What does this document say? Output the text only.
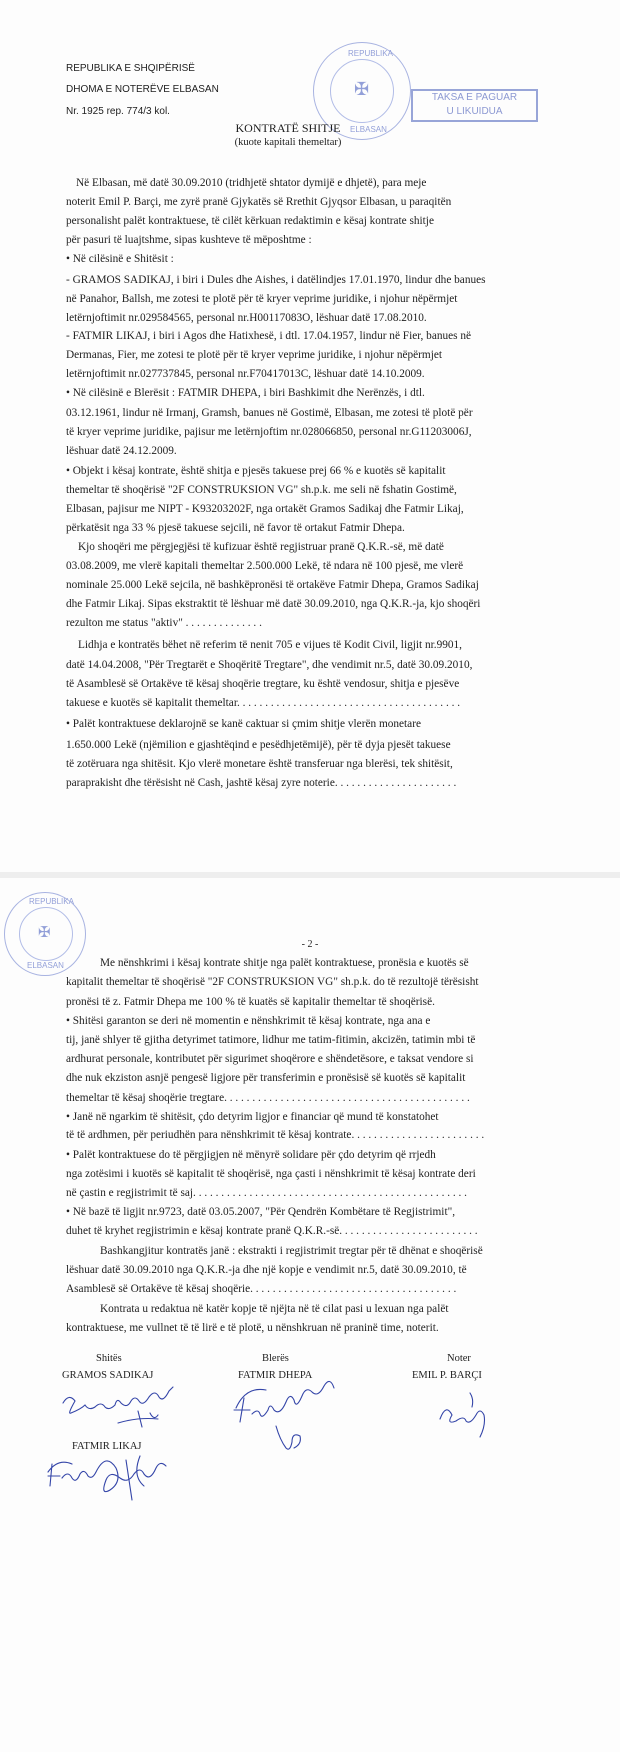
REPUBLIKA E SHQIPËRISË
DHOMA E NOTERËVE ELBASAN
Nr. 1925 rep. 774/3 kol.
REPUBLIKA
ELBASAN
✠	TAKSA E PAGUAR
U LIKUIDUA
KONTRATË SHITJE
(kuote kapitali themeltar)
Në Elbasan, më datë 30.09.2010 (tridhjetë shtator dymijë e dhjetë), para meje
noterit Emil P. Barçi, me zyrë pranë Gjykatës së Rrethit Gjyqsor Elbasan, u paraqitën
personalisht palët kontraktuese, të cilët kërkuan redaktimin e kësaj kontrate shitje
për pasuri të luajtshme, sipas kushteve të mëposhtme :
• Në cilësinë e Shitësit :
- GRAMOS SADIKAJ, i biri i Dules dhe Aishes, i datëlindjes 17.01.1970, lindur dhe banues
në Panahor, Ballsh, me zotesi te plotë për të kryer veprime juridike, i njohur nëpërmjet
letërnjoftimit nr.029584565, personal nr.H00117083O, lëshuar datë 17.08.2010.
- FATMIR LIKAJ, i biri i Agos dhe Hatixhesë, i dtl. 17.04.1957, lindur në Fier, banues në
Dermanas, Fier, me zotesi te plotë për të kryer veprime juridike, i njohur nëpërmjet
letërnjoftimit nr.027737845, personal nr.F70417013C, lëshuar datë 14.10.2009.
• Në cilësinë e Blerësit : FATMIR DHEPA, i biri Bashkimit dhe Nerënzës, i dtl.
03.12.1961, lindur në Irmanj, Gramsh, banues në Gostimë, Elbasan, me zotesi të plotë për
të kryer veprime juridike, pajisur me letërnjoftim nr.028066850, personal nr.G11203006J,
lëshuar datë 24.12.2009.
• Objekt i kësaj kontrate, është shitja e pjesës takuese prej 66 % e kuotës së kapitalit
themeltar të shoqërisë "2F CONSTRUKSION VG" sh.p.k. me seli në fshatin Gostimë,
Elbasan, pajisur me NIPT - K93203202F, nga ortakët Gramos Sadikaj dhe Fatmir Likaj,
përkatësit nga 33 % pjesë takuese sejcili, në favor të ortakut Fatmir Dhepa.
Kjo shoqëri me përgjegjësi të kufizuar është regjistruar pranë Q.K.R.-së, më datë
03.08.2009, me vlerë kapitali themeltar 2.500.000 Lekë, të ndara në 100 pjesë, me vlerë
nominale 25.000 Lekë sejcila, në bashkëpronësi të ortakëve Fatmir Dhepa, Gramos Sadikaj
dhe Fatmir Likaj. Sipas ekstraktit të lëshuar më datë 30.09.2010, nga Q.K.R.-ja, kjo shoqëri
rezulton me status "aktiv" . . . . . . . . . . . . . .
Lidhja e kontratës bëhet në referim të nenit 705 e vijues të Kodit Civil, ligjit nr.9901,
datë 14.04.2008, "Për Tregtarët e Shoqëritë Tregtare", dhe vendimit nr.5, datë 30.09.2010,
të Asamblesë së Ortakëve të kësaj shoqërie tregtare, ku është vendosur, shitja e pjesëve
takuese e kuotës së kapitalit themeltar. . . . . . . . . . . . . . . . . . . . . . . . . . . . . . . . . . . . . . . .
• Palët kontraktuese deklarojnë se kanë caktuar si çmim shitje vlerën monetare
1.650.000 Lekë (njëmilion e gjashtëqind e pesëdhjetëmijë), për të dyja pjesët takuese
të zotëruara nga shitësit. Kjo vlerë monetare është transferuar nga blerësi, tek shitësit,
paraprakisht dhe tërësisht në Cash, jashtë kësaj zyre noterie. . . . . . . . . . . . . . . . . . . . . .
REPUBLIKA
ELBASAN
✠
- 2 -
Me nënshkrimi i kësaj kontrate shitje nga palët kontraktuese, pronësia e kuotës së
kapitalit themeltar të shoqërisë "2F CONSTRUKSION VG" sh.p.k. do të rezultojë tërësisht
pronësi të z. Fatmir Dhepa me 100 % të kuatës së kapitalir themeltar të shoqërisë.
• Shitësi garanton se deri në momentin e nënshkrimit të kësaj kontrate, nga ana e
tij, janë shlyer të gjitha detyrimet tatimore, lidhur me tatim-fitimin, akcizën, tatimin mbi të
ardhurat personale, kontributet për sigurimet shoqërore e shëndetësore, e taksat vendore si
dhe nuk ekziston asnjë pengesë ligjore për transferimin e pronësisë së kuotës së kapitalit
themeltar të kësaj shoqërie tregtare. . . . . . . . . . . . . . . . . . . . . . . . . . . . . . . . . . . . . . . . . . . .
• Janë në ngarkim të shitësit, çdo detyrim ligjor e financiar që mund të konstatohet
të të ardhmen, për periudhën para nënshkrimit të kësaj kontrate. . . . . . . . . . . . . . . . . . . . . . . .
• Palët kontraktuese do të përgjigjen në mënyrë solidare për çdo detyrim që rrjedh
nga zotësimi i kuotës së kapitalit të shoqërisë, nga çasti i nënshkrimit të kësaj kontrate deri
në çastin e regjistrimit të saj. . . . . . . . . . . . . . . . . . . . . . . . . . . . . . . . . . . . . . . . . . . . . . . . .
• Në bazë të ligjit nr.9723, datë 03.05.2007, "Për Qendrën Kombëtare të Regjistrimit",
duhet të kryhet regjistrimin e kësaj kontrate pranë Q.K.R.-së. . . . . . . . . . . . . . . . . . . . . . . . .
Bashkangjitur kontratës janë : ekstrakti i regjistrimit tregtar për të dhënat e shoqërisë
lëshuar datë 30.09.2010 nga Q.K.R.-ja dhe një kopje e vendimit nr.5, datë 30.09.2010, të
Asamblesë së Ortakëve të kësaj shoqërie. . . . . . . . . . . . . . . . . . . . . . . . . . . . . . . . . . . . .
Kontrata u redaktua në katër kopje të njëjta në të cilat pasi u lexuan nga palët
kontraktuese, me vullnet të të lirë e të plotë, u nënshkruan në praninë time, noterit.
Shitës	Blerës	Noter
GRAMOS SADIKAJ	FATMIR DHEPA	EMIL P. BARÇI
FATMIR LIKAJ
